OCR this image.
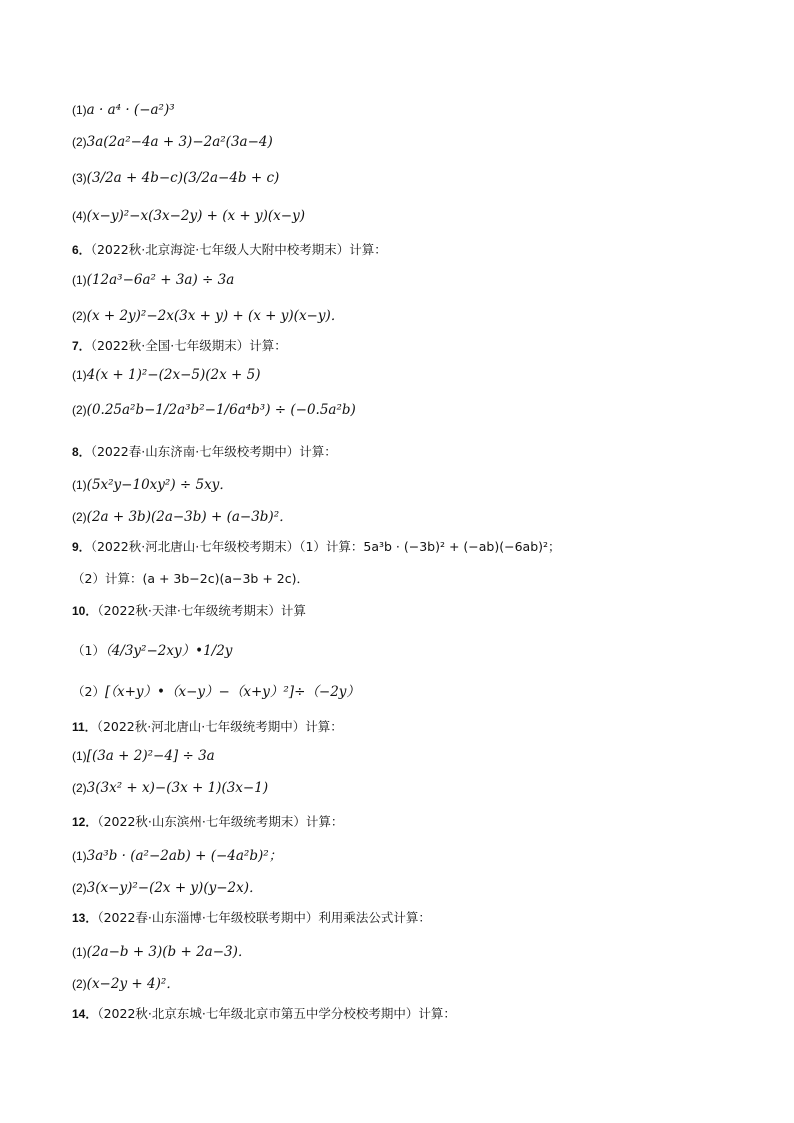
(1)a · a⁴ · (−a²)³
(2)3a(2a²−4a + 3)−2a²(3a−4)
(3)(3/2a + 4b−c)(3/2a−4b + c)
(4)(x−y)²−x(3x−2y) + (x + y)(x−y)
6．（2022秋·北京海淀·七年级人大附中校考期末）计算：
(1)(12a³−6a² + 3a) ÷ 3a
(2)(x + 2y)²−2x(3x + y) + (x + y)(x−y)．
7．（2022秋·全国·七年级期末）计算：
(1)4(x + 1)²−(2x−5)(2x + 5)
(2)(0.25a²b−1/2a³b²−1/6a⁴b³) ÷ (−0.5a²b)
8．（2022春·山东济南·七年级校考期中）计算：
(1)(5x²y−10xy²) ÷ 5xy．
(2)(2a + 3b)(2a−3b) + (a−3b)²．
9．（2022秋·河北唐山·七年级校考期末）（1）计算：5a³b · (−3b)² + (−ab)(−6ab)²；
（2）计算：(a + 3b−2c)(a−3b + 2c)．
10．（2022秋·天津·七年级统考期末）计算
（1）（4/3y²−2xy）•1/2y
（2）[（x+y）•（x−y）−（x+y）²]÷（−2y）
11．（2022秋·河北唐山·七年级统考期中）计算：
(1)[(3a + 2)²−4] ÷ 3a
(2)3(3x² + x)−(3x + 1)(3x−1)
12．（2022秋·山东滨州·七年级统考期末）计算：
(1)3a³b · (a²−2ab) + (−4a²b)²；
(2)3(x−y)²−(2x + y)(y−2x)．
13．（2022春·山东淄博·七年级校联考期中）利用乘法公式计算：
(1)(2a−b + 3)(b + 2a−3)．
(2)(x−2y + 4)²．
14．（2022秋·北京东城·七年级北京市第五中学分校校考期中）计算：
